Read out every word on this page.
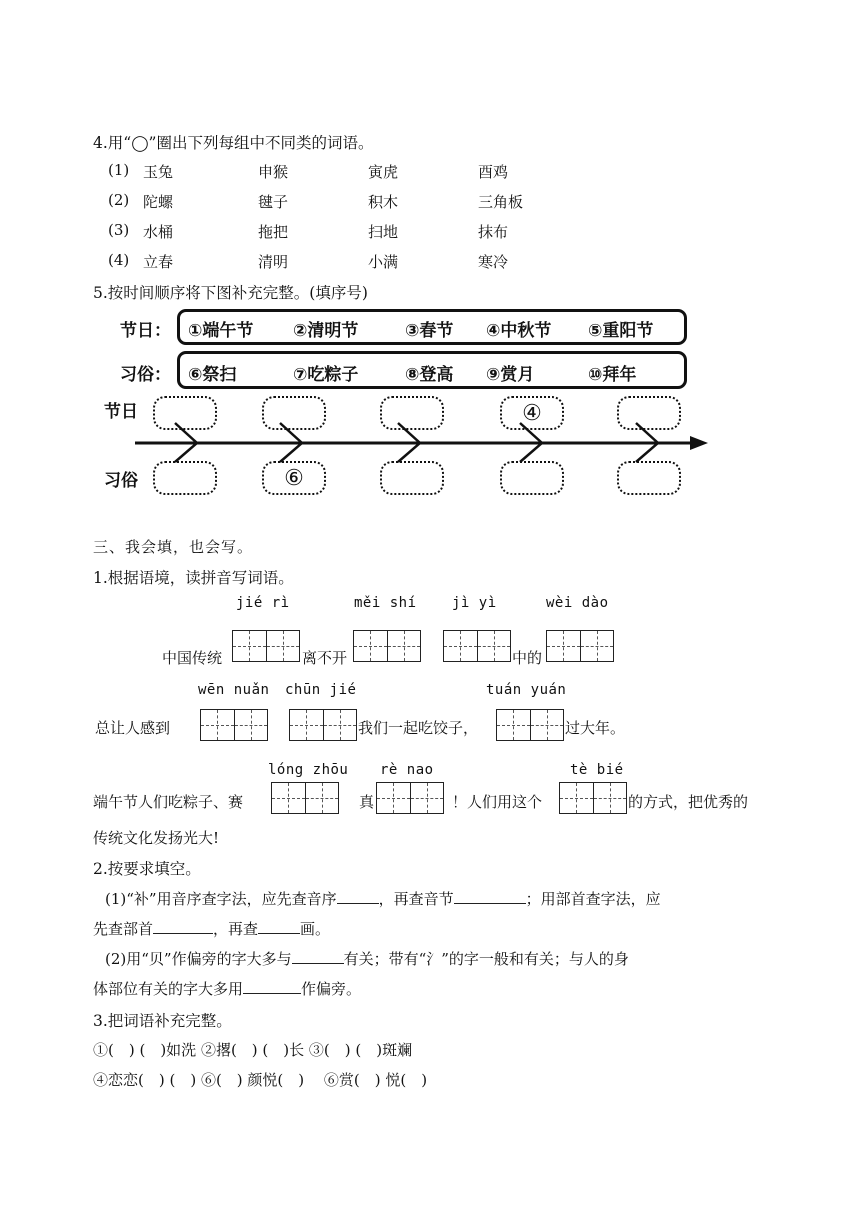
4.用“◯”圈出下列每组中不同类的词语。
(1) 玉兔	申猴	寅虎	酉鸡
(2) 陀螺	毽子	积木	三角板
(3) 水桶	拖把	扫地	抹布
(4) 立春	清明	小满	寒冷
5.按时间顺序将下图补充完整。(填序号)
节日： ①端午节 ②清明节	③春节 ④中秋节 ⑤重阳节
习俗： ⑥祭扫	⑦吃粽子	⑧登高 ⑨赏月	⑩拜年
节日
习俗
④
⑥
三、我会填，也会写。
1.根据语境，读拼音写词语。
jié rì	měi shí	jì yì	wèi dào
中国传统	离不开	中的
wēn nuǎn chūn jié	tuán yuán
总让人感到	我们一起吃饺子，	过大年。
lóng zhōu rè nao	tè bié
端午节人们吃粽子、赛	真	！人们用这个	的方式，把优秀的
传统文化发扬光大!
2.按要求填空。
(1)“补”用音序查字法，应先查音序	，再查音节	；用部首查字法，应
先查部首	，再查	画。
(2)用“贝”作偏旁的字大多与	有关；带有“氵”的字一般和有关；与人的身
体部位有关的字大多用	作偏旁。
3.把词语补充完整。
①(　) (　)如洗 ②撂(　) (　)长 ③(　) (　)斑斓
④恋恋(　) (　) ⑥(　) 颜悦(　)　 ⑥赏(　) 悦(　)
